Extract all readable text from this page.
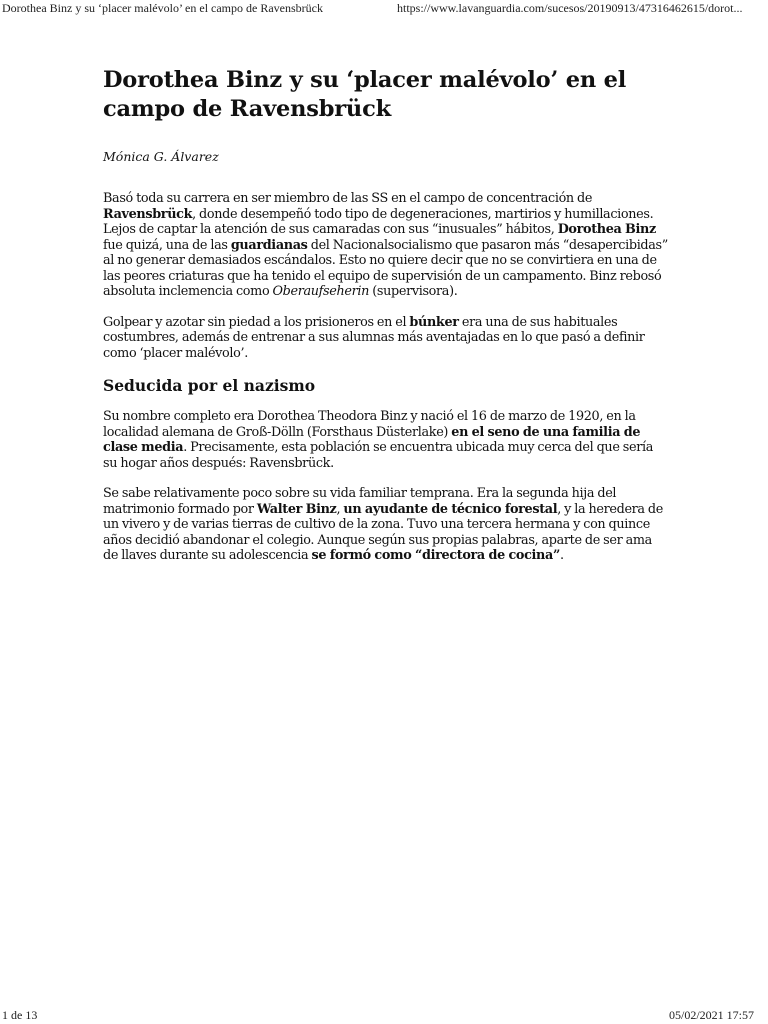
Dorothea Binz y su ‘placer malévolo’ en el campo de Ravensbrück	https://www.lavanguardia.com/sucesos/20190913/47316462615/dorot...
Dorothea Binz y su ‘placer malévolo’ en el campo de Ravensbrück
Mónica G. Álvarez

Basó toda su carrera en ser miembro de las SS en el campo de concentración de Ravensbrück, donde desempeñó todo tipo de degeneraciones, martirios y humillaciones. Lejos de captar la atención de sus camaradas con sus “inusuales” hábitos, Dorothea Binz fue quizá, una de las guardianas del Nacionalsocialismo que pasaron más “desapercibidas” al no generar demasiados escándalos. Esto no quiere decir que no se convirtiera en una de las peores criaturas que ha tenido el equipo de supervisión de un campamento. Binz rebosó absoluta inclemencia como Oberaufseherin (supervisora).

Golpear y azotar sin piedad a los prisioneros en el búnker era una de sus habituales costumbres, además de entrenar a sus alumnas más aventajadas en lo que pasó a definir como ‘placer malévolo’.

Seducida por el nazismo

Su nombre completo era Dorothea Theodora Binz y nació el 16 de marzo de 1920, en la localidad alemana de Groß-Dölln (Forsthaus Düsterlake) en el seno de una familia de clase media. Precisamente, esta población se encuentra ubicada muy cerca del que sería su hogar años después: Ravensbrück.

Se sabe relativamente poco sobre su vida familiar temprana. Era la segunda hija del matrimonio formado por Walter Binz, un ayudante de técnico forestal, y la heredera de un vivero y de varias tierras de cultivo de la zona. Tuvo una tercera hermana y con quince años decidió abandonar el colegio. Aunque según sus propias palabras, aparte de ser ama de llaves durante su adolescencia se formó como “directora de cocina”.

1 de 13	05/02/2021 17:57
